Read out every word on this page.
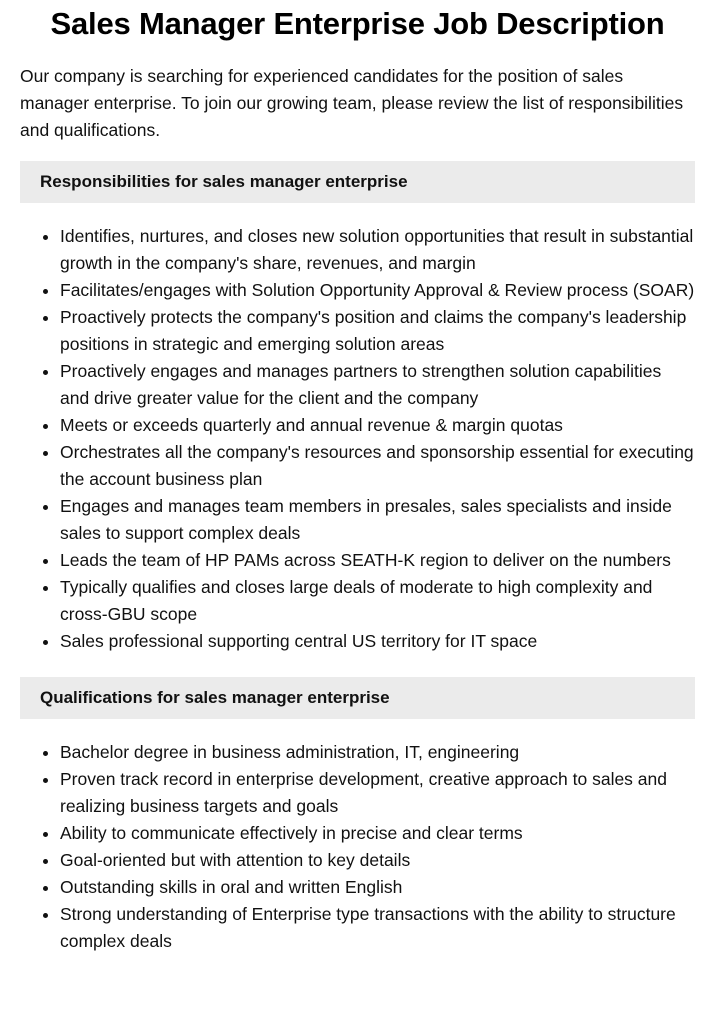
Sales Manager Enterprise Job Description

Our company is searching for experienced candidates for the position of sales manager enterprise. To join our growing team, please review the list of responsibilities and qualifications.

Responsibilities for sales manager enterprise
• Identifies, nurtures, and closes new solution opportunities that result in substantial growth in the company's share, revenues, and margin
• Facilitates/engages with Solution Opportunity Approval & Review process (SOAR)
• Proactively protects the company's position and claims the company's leadership positions in strategic and emerging solution areas
• Proactively engages and manages partners to strengthen solution capabilities and drive greater value for the client and the company
• Meets or exceeds quarterly and annual revenue & margin quotas
• Orchestrates all the company's resources and sponsorship essential for executing the account business plan
• Engages and manages team members in presales, sales specialists and inside sales to support complex deals
• Leads the team of HP PAMs across SEATH-K region to deliver on the numbers
• Typically qualifies and closes large deals of moderate to high complexity and cross-GBU scope
• Sales professional supporting central US territory for IT space
Qualifications for sales manager enterprise
• Bachelor degree in business administration, IT, engineering
• Proven track record in enterprise development, creative approach to sales and realizing business targets and goals
• Ability to communicate effectively in precise and clear terms
• Goal-oriented but with attention to key details
• Outstanding skills in oral and written English
• Strong understanding of Enterprise type transactions with the ability to structure complex deals
